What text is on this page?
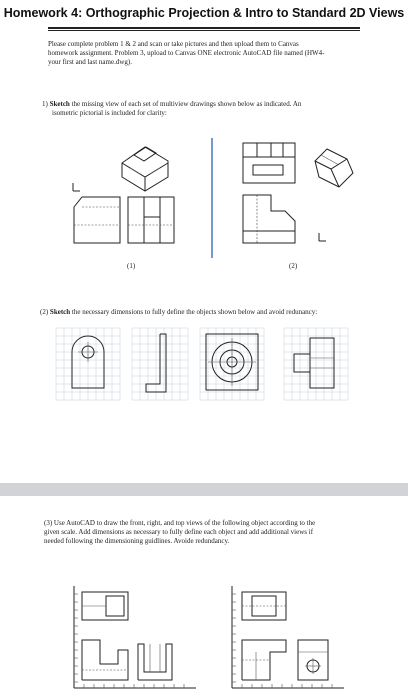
Homework 4: Orthographic Projection & Intro to Standard 2D Views
Please complete problem 1 & 2 and scan or take pictures and then upload them to Canvas
homework assignment. Problem 3, upload to Canvas ONE electronic AutoCAD file named (HW4-
your first and last name.dwg).
1) Sketch the missing view of each set of multiview drawings shown below as indicated. An
isometric pictorial is included for clarity:
(1)	(2)
(2) Sketch the necessary dimensions to fully define the objects shown below and avoid redunancy:
(3) Use AutoCAD to draw the front, right, and top views of the following object according to the
given scale. Add dimensions as necessary to fully define each object and add additional views if
needed following the dimensioning guidlines. Avoide redundancy.
